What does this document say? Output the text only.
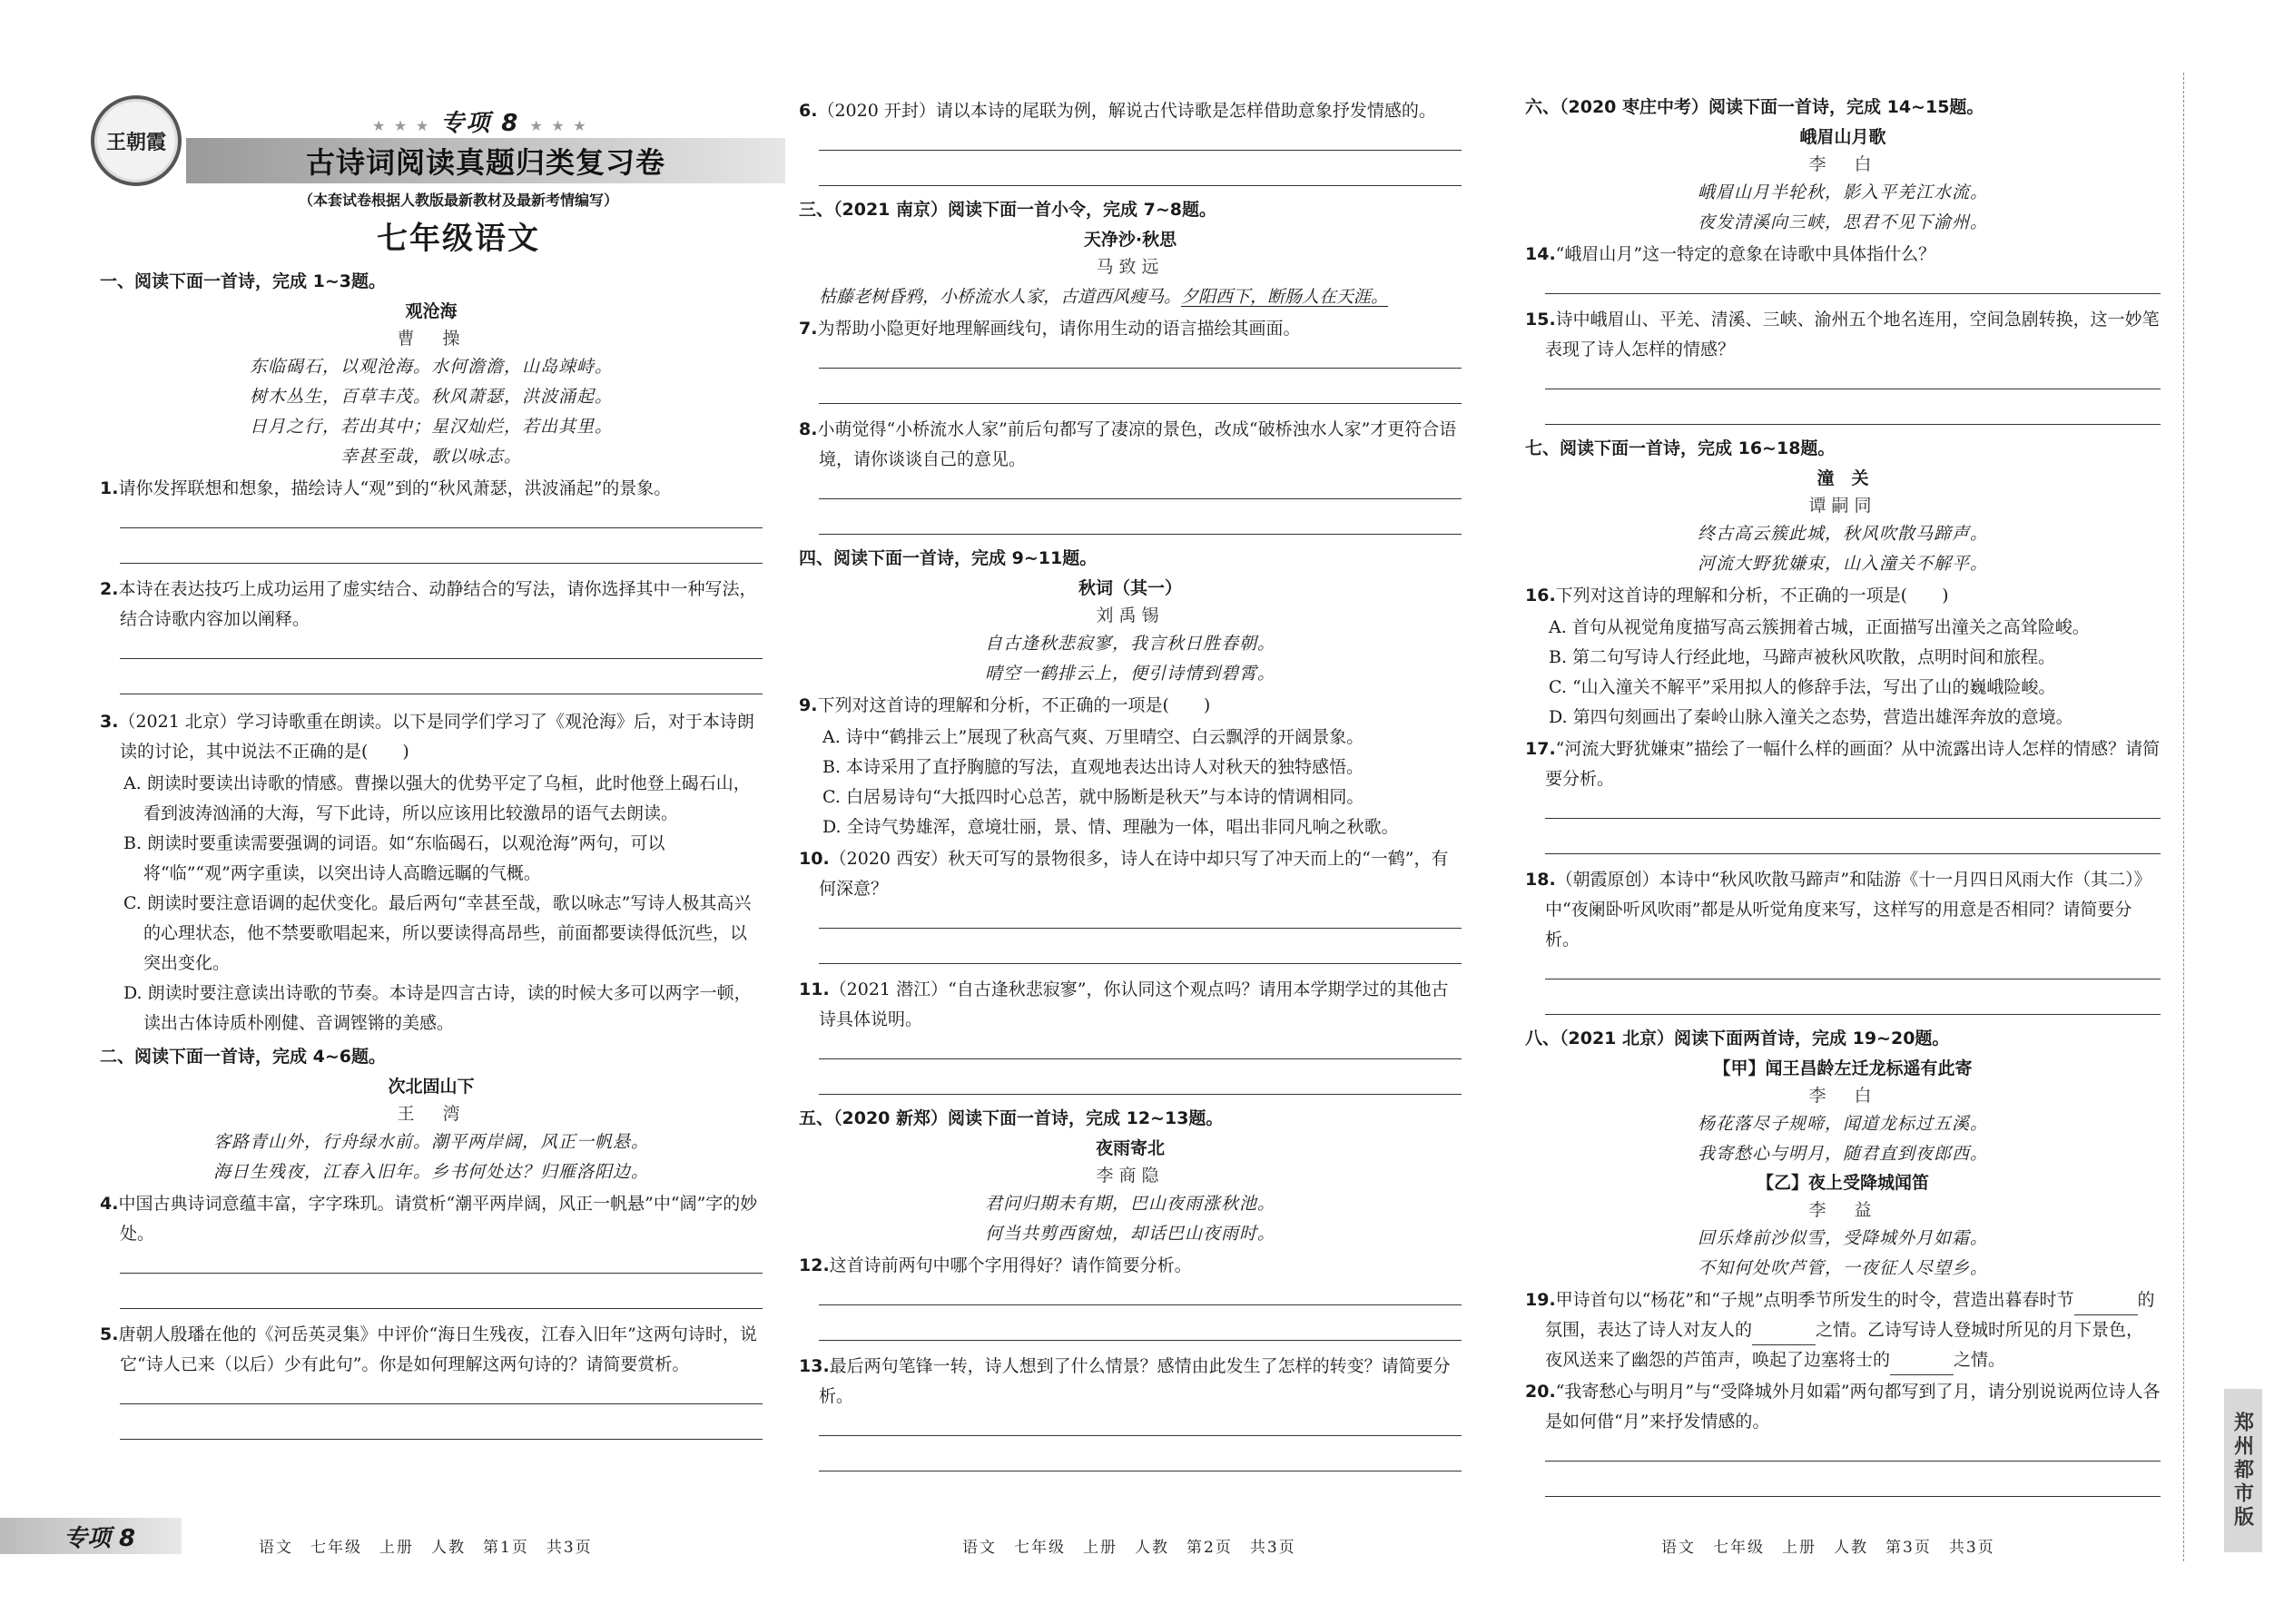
王朝霞
★ ★ ★ 专项 8 ★ ★ ★
古诗词阅读真题归类复习卷
（本套试卷根据人教版最新教材及最新考情编写）
七年级语文
一、阅读下面一首诗，完成 1~3题。
观沧海
曹　操
东临碣石，以观沧海。水何澹澹，山岛竦峙。
树木丛生，百草丰茂。秋风萧瑟，洪波涌起。
日月之行，若出其中；星汉灿烂，若出其里。
幸甚至哉，歌以咏志。
1.请你发挥联想和想象，描绘诗人“观”到的“秋风萧瑟，洪波涌起”的景象。
2.本诗在表达技巧上成功运用了虚实结合、动静结合的写法，请你选择其中一种写法，结合诗歌内容加以阐释。
3.（2021 北京）学习诗歌重在朗读。以下是同学们学习了《观沧海》后，对于本诗朗读的讨论，其中说法不正确的是(　　)
A. 朗读时要读出诗歌的情感。曹操以强大的优势平定了乌桓，此时他登上碣石山，看到波涛汹涌的大海，写下此诗，所以应该用比较激昂的语气去朗读。
B. 朗读时要重读需要强调的词语。如“东临碣石，以观沧海”两句，可以将“临”“观”两字重读，以突出诗人高瞻远瞩的气概。
C. 朗读时要注意语调的起伏变化。最后两句“幸甚至哉，歌以咏志”写诗人极其高兴的心理状态，他不禁要歌唱起来，所以要读得高昂些，前面都要读得低沉些，以突出变化。
D. 朗读时要注意读出诗歌的节奏。本诗是四言古诗，读的时候大多可以两字一顿，读出古体诗质朴刚健、音调铿锵的美感。
二、阅读下面一首诗，完成 4~6题。
次北固山下
王　湾
客路青山外，行舟绿水前。潮平两岸阔，风正一帆悬。
海日生残夜，江春入旧年。乡书何处达？归雁洛阳边。
4.中国古典诗词意蕴丰富，字字珠玑。请赏析“潮平两岸阔，风正一帆悬”中“阔”字的妙处。
5.唐朝人殷璠在他的《河岳英灵集》中评价“海日生残夜，江春入旧年”这两句诗时，说它“诗人已来（以后）少有此句”。你是如何理解这两句诗的？请简要赏析。
专项 8	语文　七年级　上册　人教　第1页　共3页
6.（2020 开封）请以本诗的尾联为例，解说古代诗歌是怎样借助意象抒发情感的。
三、（2021 南京）阅读下面一首小令，完成 7~8题。
天净沙·秋思
马致远
枯藤老树昏鸦，小桥流水人家，古道西风瘦马。夕阳西下，断肠人在天涯。
7.为帮助小隐更好地理解画线句，请你用生动的语言描绘其画面。
8.小萌觉得“小桥流水人家”前后句都写了凄凉的景色，改成“破桥浊水人家”才更符合语境，请你谈谈自己的意见。
四、阅读下面一首诗，完成 9~11题。
秋词（其一）
刘禹锡
自古逢秋悲寂寥，我言秋日胜春朝。
晴空一鹤排云上，便引诗情到碧霄。
9.下列对这首诗的理解和分析，不正确的一项是(　　)
A. 诗中“鹤排云上”展现了秋高气爽、万里晴空、白云飘浮的开阔景象。
B. 本诗采用了直抒胸臆的写法，直观地表达出诗人对秋天的独特感悟。
C. 白居易诗句“大抵四时心总苦，就中肠断是秋天”与本诗的情调相同。
D. 全诗气势雄浑，意境壮丽，景、情、理融为一体，唱出非同凡响之秋歌。
10.（2020 西安）秋天可写的景物很多，诗人在诗中却只写了冲天而上的“一鹤”，有何深意？
11.（2021 潜江）“自古逢秋悲寂寥”，你认同这个观点吗？请用本学期学过的其他古诗具体说明。
五、（2020 新郑）阅读下面一首诗，完成 12~13题。
夜雨寄北
李商隐
君问归期未有期，巴山夜雨涨秋池。
何当共剪西窗烛，却话巴山夜雨时。
12.这首诗前两句中哪个字用得好？请作简要分析。
13.最后两句笔锋一转，诗人想到了什么情景？感情由此发生了怎样的转变？请简要分析。
语文　七年级　上册　人教　第2页　共3页
六、（2020 枣庄中考）阅读下面一首诗，完成 14~15题。
峨眉山月歌
李　白
峨眉山月半轮秋，影入平羌江水流。
夜发清溪向三峡，思君不见下渝州。
14.“峨眉山月”这一特定的意象在诗歌中具体指什么？
15.诗中峨眉山、平羌、清溪、三峡、渝州五个地名连用，空间急剧转换，这一妙笔表现了诗人怎样的情感？
七、阅读下面一首诗，完成 16~18题。
潼　关
谭嗣同
终古高云簇此城，秋风吹散马蹄声。
河流大野犹嫌束，山入潼关不解平。
16.下列对这首诗的理解和分析，不正确的一项是(　　)
A. 首句从视觉角度描写高云簇拥着古城，正面描写出潼关之高耸险峻。
B. 第二句写诗人行经此地，马蹄声被秋风吹散，点明时间和旅程。
C. “山入潼关不解平”采用拟人的修辞手法，写出了山的巍峨险峻。
D. 第四句刻画出了秦岭山脉入潼关之态势，营造出雄浑奔放的意境。
17.“河流大野犹嫌束”描绘了一幅什么样的画面？从中流露出诗人怎样的情感？请简要分析。
18.（朝霞原创）本诗中“秋风吹散马蹄声”和陆游《十一月四日风雨大作（其二）》中“夜阑卧听风吹雨”都是从听觉角度来写，这样写的用意是否相同？请简要分析。
八、（2021 北京）阅读下面两首诗，完成 19~20题。
【甲】闻王昌龄左迁龙标遥有此寄
李　白
杨花落尽子规啼，闻道龙标过五溪。
我寄愁心与明月，随君直到夜郎西。
【乙】夜上受降城闻笛
李　益
回乐烽前沙似雪，受降城外月如霜。
不知何处吹芦管，一夜征人尽望乡。
19.甲诗首句以“杨花”和“子规”点明季节所发生的时令，营造出暮春时节	的氛围，表达了诗人对友人的	之情。乙诗写诗人登城时所见的月下景色，夜风送来了幽怨的芦笛声，唤起了边塞将士的	之情。
20.“我寄愁心与明月”与“受降城外月如霜”两句都写到了月，请分别说说两位诗人各是如何借“月”来抒发情感的。
语文　七年级　上册　人教　第3页　共3页
郑州都市版
